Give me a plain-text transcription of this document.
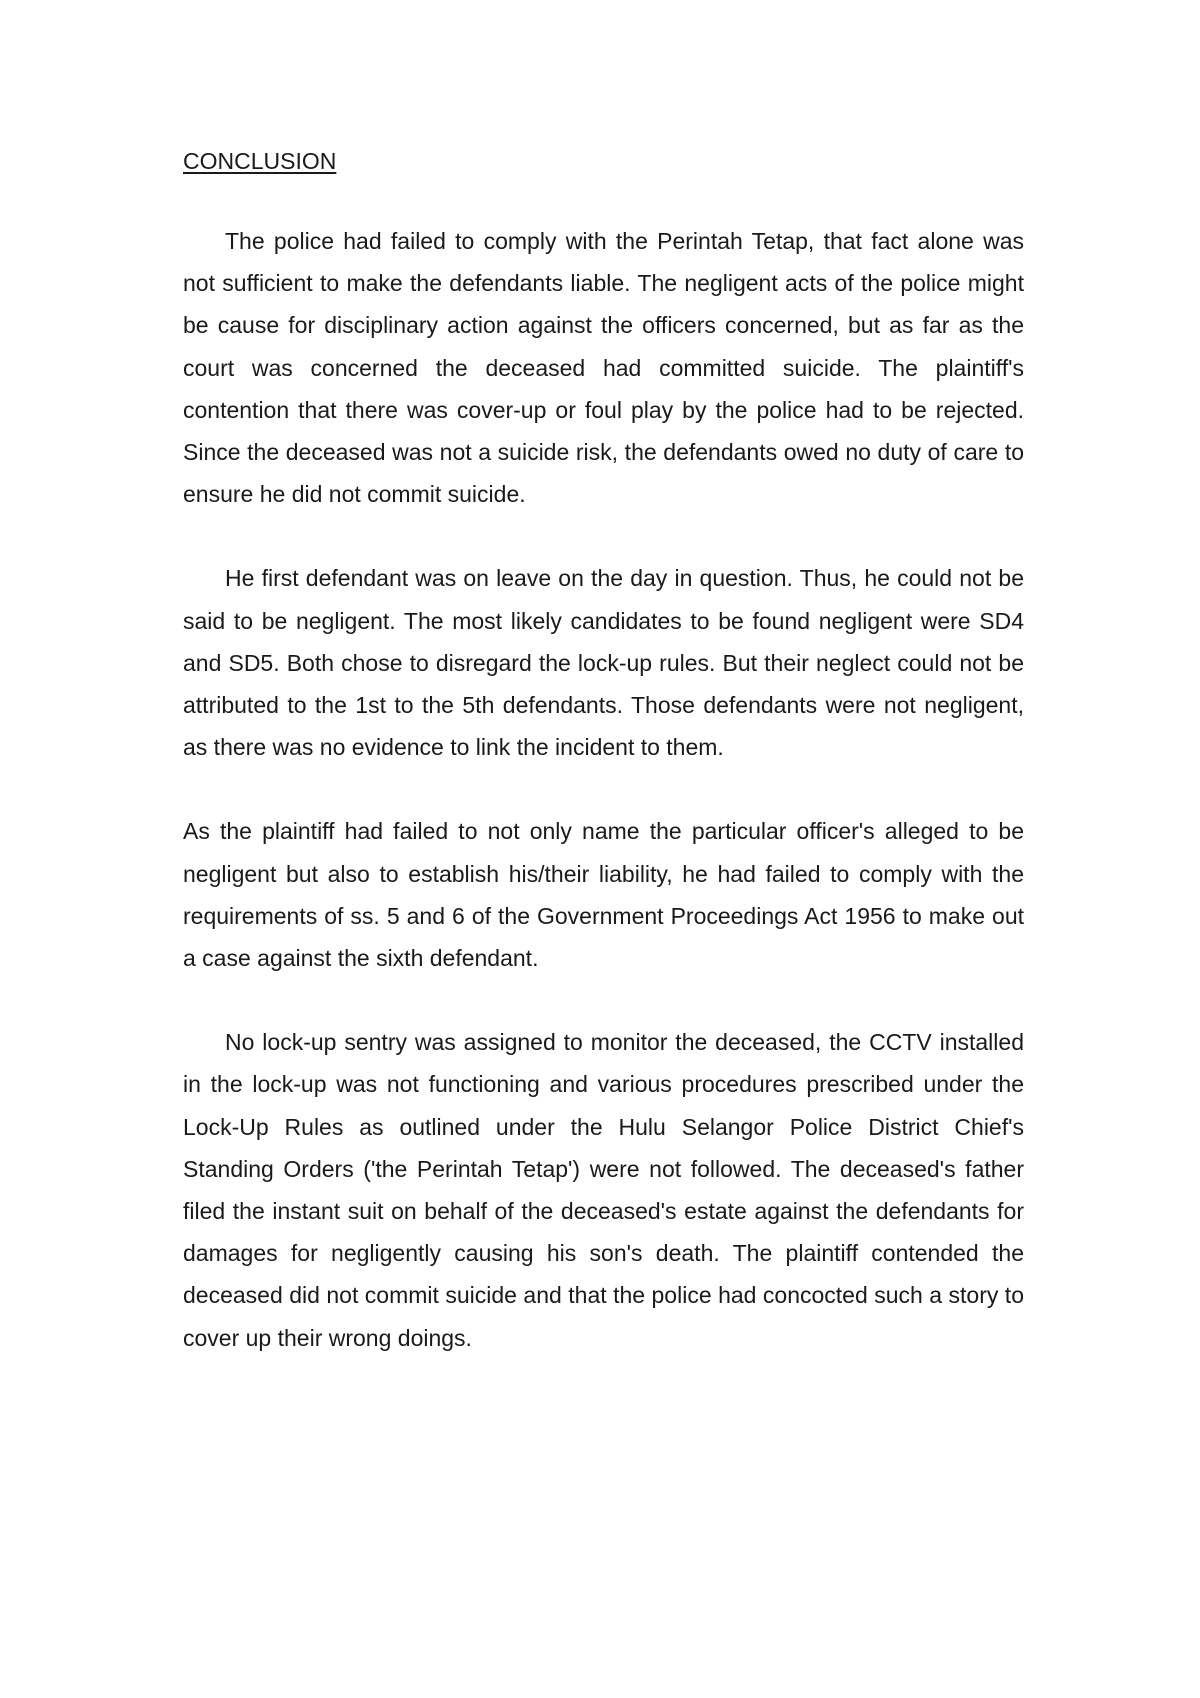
CONCLUSION

The police had failed to comply with the Perintah Tetap, that fact alone was not sufficient to make the defendants liable. The negligent acts of the police might be cause for disciplinary action against the officers concerned, but as far as the court was concerned the deceased had committed suicide. The plaintiff's contention that there was cover-up or foul play by the police had to be rejected. Since the deceased was not a suicide risk, the defendants owed no duty of care to ensure he did not commit suicide.

He first defendant was on leave on the day in question. Thus, he could not be said to be negligent. The most likely candidates to be found negligent were SD4 and SD5. Both chose to disregard the lock-up rules. But their neglect could not be attributed to the 1st to the 5th defendants. Those defendants were not negligent, as there was no evidence to link the incident to them.

As the plaintiff had failed to not only name the particular officer's alleged to be negligent but also to establish his/their liability, he had failed to comply with the requirements of ss. 5 and 6 of the Government Proceedings Act 1956 to make out a case against the sixth defendant.

No lock-up sentry was assigned to monitor the deceased, the CCTV installed in the lock-up was not functioning and various procedures prescribed under the Lock-Up Rules as outlined under the Hulu Selangor Police District Chief's Standing Orders ('the Perintah Tetap') were not followed. The deceased's father filed the instant suit on behalf of the deceased's estate against the defendants for damages for negligently causing his son's death. The plaintiff contended the deceased did not commit suicide and that the police had concocted such a story to cover up their wrong doings.
